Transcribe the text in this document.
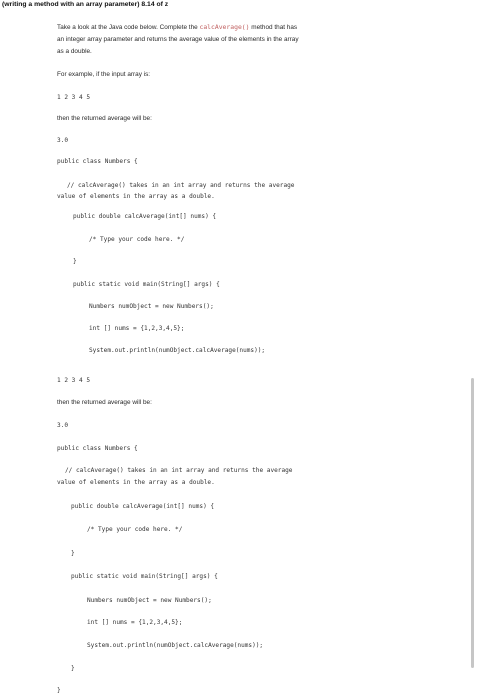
(writing a method with an array parameter) 8.14 of z
Take a look at the Java code below. Complete the calcAverage() method that has
an integer array parameter and returns the average value of the elements in the array
as a double.
For example, if the input array is:
1 2 3 4 5
then the returned average will be:
3.0
public class Numbers {
// calcAverage() takes in an int array and returns the average
value of elements in the array as a double.
public double calcAverage(int[] nums) {
/* Type your code here. */
}
public static void main(String[] args) {
Numbers numObject = new Numbers();
int [] nums = {1,2,3,4,5};
System.out.println(numObject.calcAverage(nums));
1 2 3 4 5
then the returned average will be:
3.0
public class Numbers {
// calcAverage() takes in an int array and returns the average
value of elements in the array as a double.
public double calcAverage(int[] nums) {
/* Type your code here. */
}
public static void main(String[] args) {
Numbers numObject = new Numbers();
int [] nums = {1,2,3,4,5};
System.out.println(numObject.calcAverage(nums));
}
}
